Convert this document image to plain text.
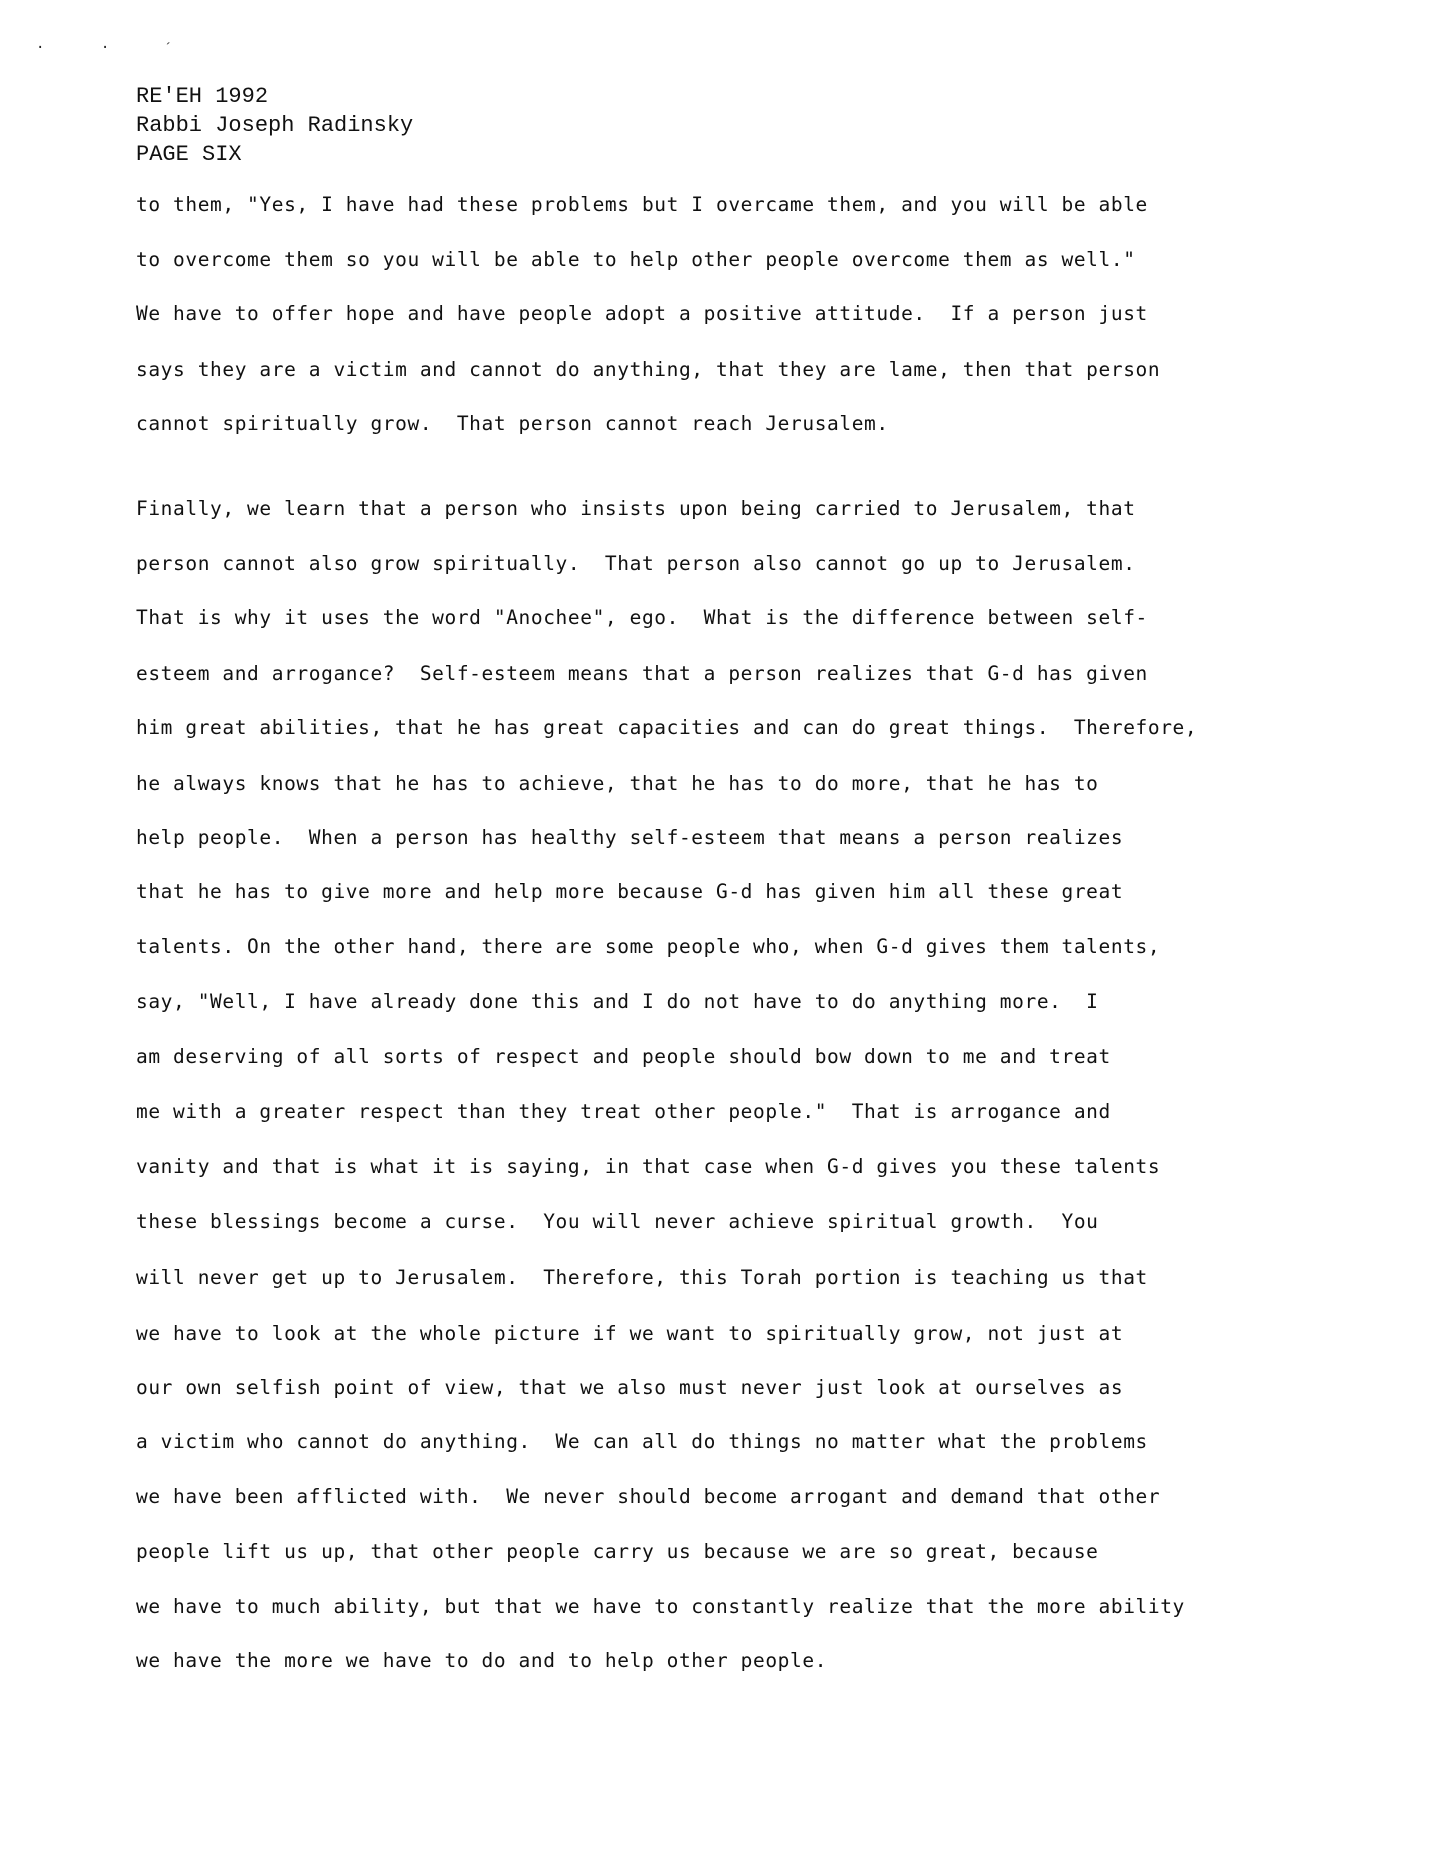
· · ˊ
RE'EH 1992
Rabbi Joseph Radinsky
PAGE SIX
to them, "Yes, I have had these problems but I overcame them, and you will be able
to overcome them so you will be able to help other people overcome them as well."
We have to offer hope and have people adopt a positive attitude.  If a person just
says they are a victim and cannot do anything, that they are lame, then that person
cannot spiritually grow.  That person cannot reach Jerusalem.
Finally, we learn that a person who insists upon being carried to Jerusalem, that
person cannot also grow spiritually.  That person also cannot go up to Jerusalem.
That is why it uses the word "Anochee", ego.  What is the difference between self-
esteem and arrogance?  Self-esteem means that a person realizes that G-d has given
him great abilities, that he has great capacities and can do great things.  Therefore,
he always knows that he has to achieve, that he has to do more, that he has to
help people.  When a person has healthy self-esteem that means a person realizes
that he has to give more and help more because G-d has given him all these great
talents. On the other hand, there are some people who, when G-d gives them talents,
say, "Well, I have already done this and I do not have to do anything more.  I
am deserving of all sorts of respect and people should bow down to me and treat
me with a greater respect than they treat other people."  That is arrogance and
vanity and that is what it is saying, in that case when G-d gives you these talents
these blessings become a curse.  You will never achieve spiritual growth.  You
will never get up to Jerusalem.  Therefore, this Torah portion is teaching us that
we have to look at the whole picture if we want to spiritually grow, not just at
our own selfish point of view, that we also must never just look at ourselves as
a victim who cannot do anything.  We can all do things no matter what the problems
we have been afflicted with.  We never should become arrogant and demand that other
people lift us up, that other people carry us because we are so great, because
we have to much ability, but that we have to constantly realize that the more ability
we have the more we have to do and to help other people.
